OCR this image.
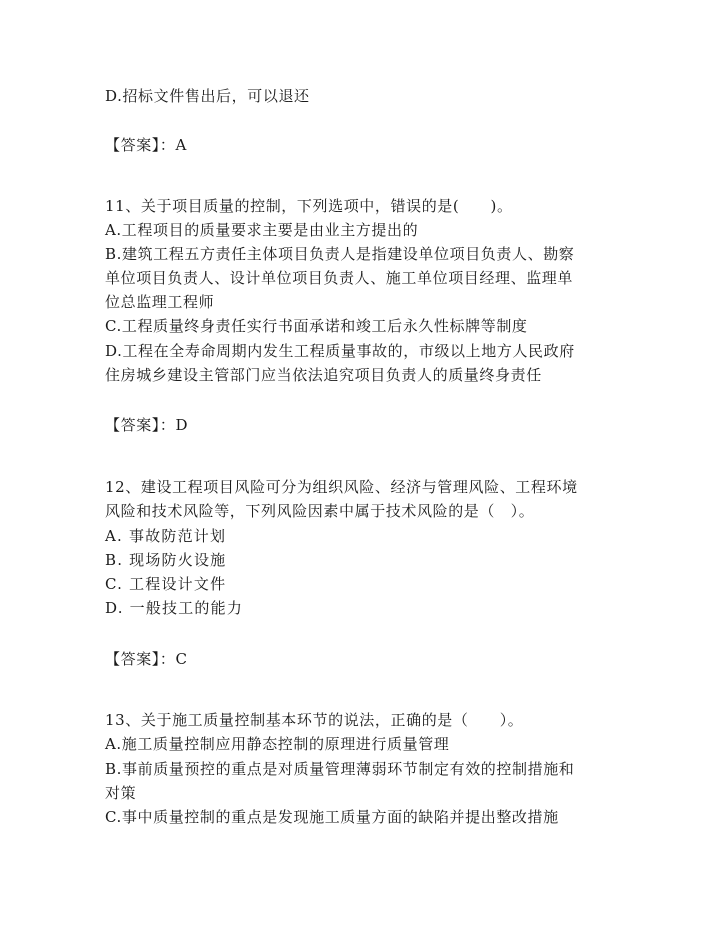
D.招标文件售出后，可以退还
【答案】：A
11、关于项目质量的控制，下列选项中，错误的是(　　)。
A.工程项目的质量要求主要是由业主方提出的
B.建筑工程五方责任主体项目负责人是指建设单位项目负责人、勘察
单位项目负责人、设计单位项目负责人、施工单位项目经理、监理单
位总监理工程师
C.工程质量终身责任实行书面承诺和竣工后永久性标牌等制度
D.工程在全寿命周期内发生工程质量事故的，市级以上地方人民政府
住房城乡建设主管部门应当依法追究项目负责人的质量终身责任
【答案】：D
12、建设工程项目风险可分为组织风险、经济与管理风险、工程环境
风险和技术风险等，下列风险因素中属于技术风险的是（　）。
A. 事故防范计划
B. 现场防火设施
C. 工程设计文件
D. 一般技工的能力
【答案】：C
13、关于施工质量控制基本环节的说法，正确的是（　　）。
A.施工质量控制应用静态控制的原理进行质量管理
B.事前质量预控的重点是对质量管理薄弱环节制定有效的控制措施和
对策
C.事中质量控制的重点是发现施工质量方面的缺陷并提出整改措施
